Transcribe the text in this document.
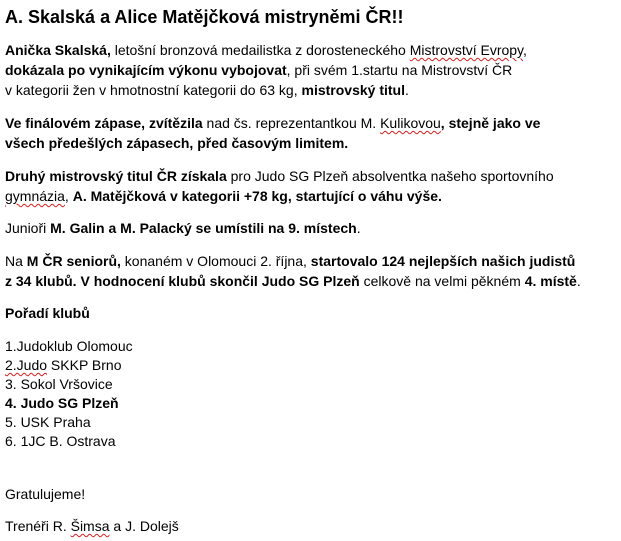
A. Skalská a Alice Matějčková mistryněmi ČR!!
Anička Skalská, letošní bronzová medailistka z dorosteneckého Mistrovství Evropy,
dokázala po vynikajícím výkonu vybojovat, při svém 1.startu na Mistrovství ČR
v kategorii žen v hmotnostní kategorii do 63 kg, mistrovský titul.
Ve finálovém zápase, zvítězila nad čs. reprezentantkou M. Kulikovou, stejně jako ve
všech předešlých zápasech, před časovým limitem.
Druhý mistrovský titul ČR získala pro Judo SG Plzeň absolventka našeho sportovního
gymnázia, A. Matějčková v kategorii +78 kg, startující o váhu výše.
Junioři M. Galin a M. Palacký se umístili na 9. místech.
Na M ČR seniorů, konaném v Olomouci 2. října, startovalo 124 nejlepších našich judistů
z 34 klubů. V hodnocení klubů skončil Judo SG Plzeň celkově na velmi pěkném 4. místě.
Pořadí klubů
1.Judoklub Olomouc
2.Judo SKKP Brno
3. Sokol Vršovice
4. Judo SG Plzeň
5. USK Praha
6. 1JC B. Ostrava
Gratulujeme!
Trenéři R. Šimsa a J. Dolejš
